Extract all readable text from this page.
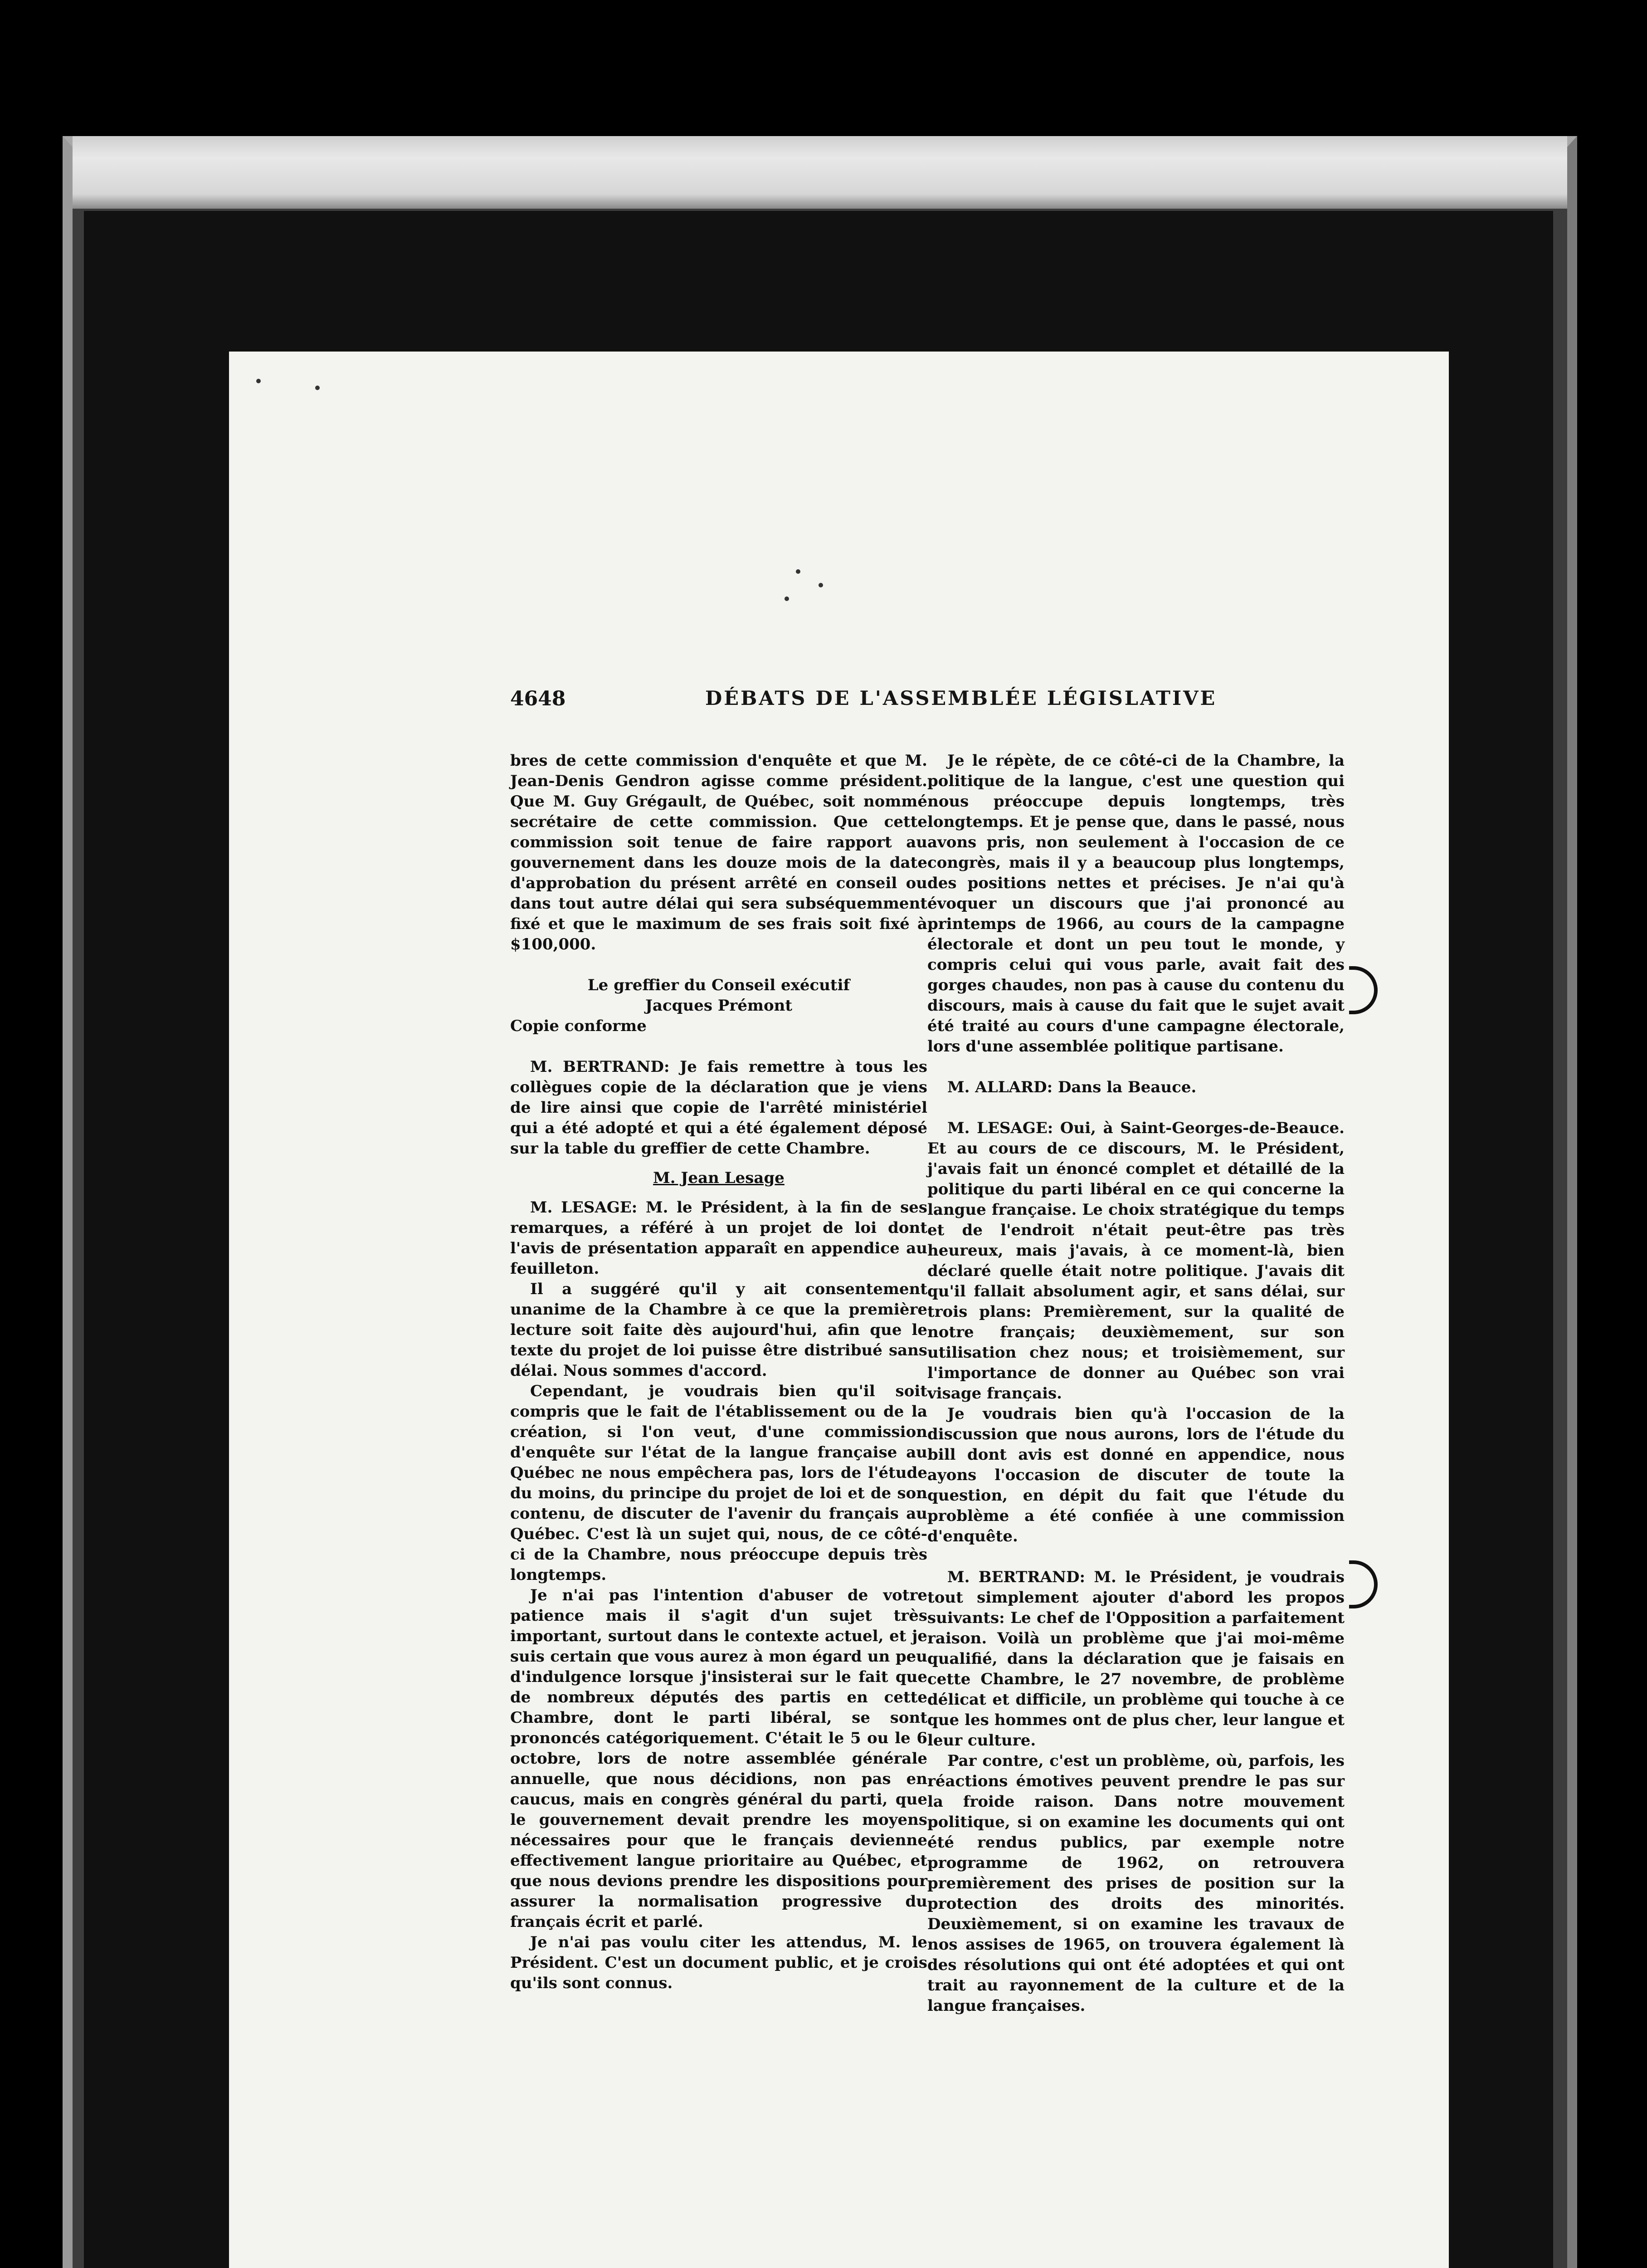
4648	DÉBATS DE L'ASSEMBLÉE LÉGISLATIVE

bres de cette commission d'enquête et que M. Jean-Denis Gendron agisse comme président. Que M. Guy Grégault, de Québec, soit nommé secrétaire de cette commission. Que cette commission soit tenue de faire rapport au gouvernement dans les douze mois de la date d'approbation du présent arrêté en conseil ou dans tout autre délai qui sera subséquemment fixé et que le maximum de ses frais soit fixé à $100,000.

Le greffier du Conseil exécutif

Jacques Prémont

Copie conforme

M. BERTRAND: Je fais remettre à tous les collègues copie de la déclaration que je viens de lire ainsi que copie de l'arrêté ministériel qui a été adopté et qui a été également déposé sur la table du greffier de cette Chambre.

M. Jean Lesage

M. LESAGE: M. le Président, à la fin de ses remarques, a référé à un projet de loi dont l'avis de présentation apparaît en appendice au feuilleton.

Il a suggéré qu'il y ait consentement unanime de la Chambre à ce que la première lecture soit faite dès aujourd'hui, afin que le texte du projet de loi puisse être distribué sans délai. Nous sommes d'accord.

Cependant, je voudrais bien qu'il soit compris que le fait de l'établissement ou de la création, si l'on veut, d'une commission d'enquête sur l'état de la langue française au Québec ne nous empêchera pas, lors de l'étude du moins, du principe du projet de loi et de son contenu, de discuter de l'avenir du français au Québec. C'est là un sujet qui, nous, de ce côté-ci de la Chambre, nous préoccupe depuis très longtemps.

Je n'ai pas l'intention d'abuser de votre patience mais il s'agit d'un sujet très important, surtout dans le contexte actuel, et je suis certain que vous aurez à mon égard un peu d'indulgence lorsque j'insisterai sur le fait que de nombreux députés des partis en cette Chambre, dont le parti libéral, se sont prononcés catégoriquement. C'était le 5 ou le 6 octobre, lors de notre assemblée générale annuelle, que nous décidions, non pas en caucus, mais en congrès général du parti, que le gouvernement devait prendre les moyens nécessaires pour que le français devienne effectivement langue prioritaire au Québec, et que nous devions prendre les dispositions pour assurer la normalisation progressive du français écrit et parlé.

Je n'ai pas voulu citer les attendus, M. le Président. C'est un document public, et je crois qu'ils sont connus.

Je le répète, de ce côté-ci de la Chambre, la politique de la langue, c'est une question qui nous préoccupe depuis longtemps, très longtemps. Et je pense que, dans le passé, nous avons pris, non seulement à l'occasion de ce congrès, mais il y a beaucoup plus longtemps, des positions nettes et précises. Je n'ai qu'à évoquer un discours que j'ai prononcé au printemps de 1966, au cours de la campagne électorale et dont un peu tout le monde, y compris celui qui vous parle, avait fait des gorges chaudes, non pas à cause du contenu du discours, mais à cause du fait que le sujet avait été traité au cours d'une campagne électorale, lors d'une assemblée politique partisane.

M. ALLARD: Dans la Beauce.

M. LESAGE: Oui, à Saint-Georges-de-Beauce. Et au cours de ce discours, M. le Président, j'avais fait un énoncé complet et détaillé de la politique du parti libéral en ce qui concerne la langue française. Le choix stratégique du temps et de l'endroit n'était peut-être pas très heureux, mais j'avais, à ce moment-là, bien déclaré quelle était notre politique. J'avais dit qu'il fallait absolument agir, et sans délai, sur trois plans: Premièrement, sur la qualité de notre français; deuxièmement, sur son utilisation chez nous; et troisièmement, sur l'importance de donner au Québec son vrai visage français.

Je voudrais bien qu'à l'occasion de la discussion que nous aurons, lors de l'étude du bill dont avis est donné en appendice, nous ayons l'occasion de discuter de toute la question, en dépit du fait que l'étude du problème a été confiée à une commission d'enquête.

M. BERTRAND: M. le Président, je voudrais tout simplement ajouter d'abord les propos suivants: Le chef de l'Opposition a parfaitement raison. Voilà un problème que j'ai moi-même qualifié, dans la déclaration que je faisais en cette Chambre, le 27 novembre, de problème délicat et difficile, un problème qui touche à ce que les hommes ont de plus cher, leur langue et leur culture.

Par contre, c'est un problème, où, parfois, les réactions émotives peuvent prendre le pas sur la froide raison. Dans notre mouvement politique, si on examine les documents qui ont été rendus publics, par exemple notre programme de 1962, on retrouvera premièrement des prises de position sur la protection des droits des minorités. Deuxièmement, si on examine les travaux de nos assises de 1965, on trouvera également là des résolutions qui ont été adoptées et qui ont trait au rayonnement de la culture et de la langue françaises.
